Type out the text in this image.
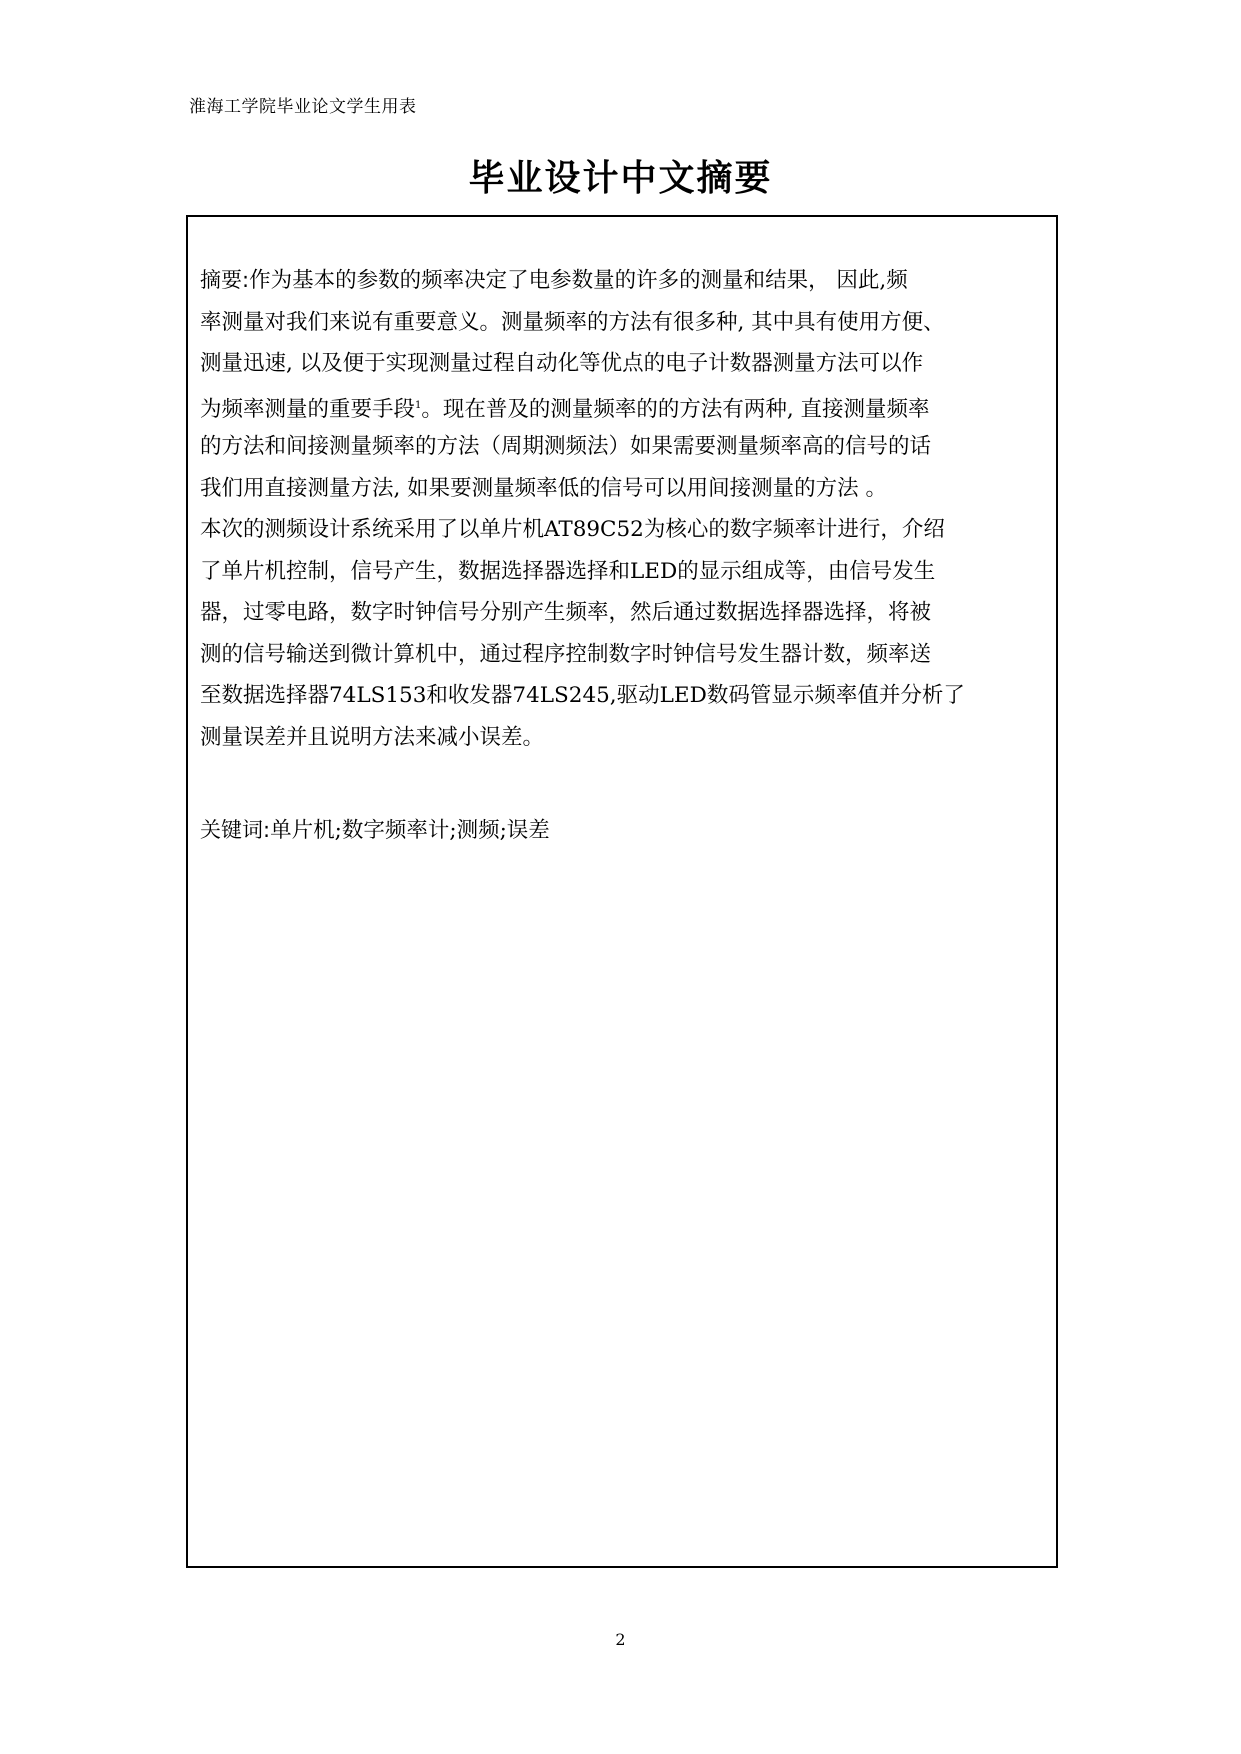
淮海工学院毕业论文学生用表
毕业设计中文摘要
摘要:作为基本的参数的频率决定了电参数量的许多的测量和结果， 因此,频
率测量对我们来说有重要意义。测量频率的方法有很多种, 其中具有使用方便、
测量迅速, 以及便于实现测量过程自动化等优点的电子计数器测量方法可以作
为频率测量的重要手段$^1$。现在普及的测量频率的的方法有两种, 直接测量频率
的方法和间接测量频率的方法（周期测频法）如果需要测量频率高的信号的话
我们用直接测量方法, 如果要测量频率低的信号可以用间接测量的方法 。
本次的测频设计系统采用了以单片机AT89C52为核心的数字频率计进行，介绍
了单片机控制，信号产生，数据选择器选择和LED的显示组成等，由信号发生
器，过零电路，数字时钟信号分别产生频率，然后通过数据选择器选择，将被
测的信号输送到微计算机中，通过程序控制数字时钟信号发生器计数，频率送
至数据选择器74LS153和收发器74LS245,驱动LED数码管显示频率值并分析了
测量误差并且说明方法来减小误差。
关键词:单片机;数字频率计;测频;误差
2
